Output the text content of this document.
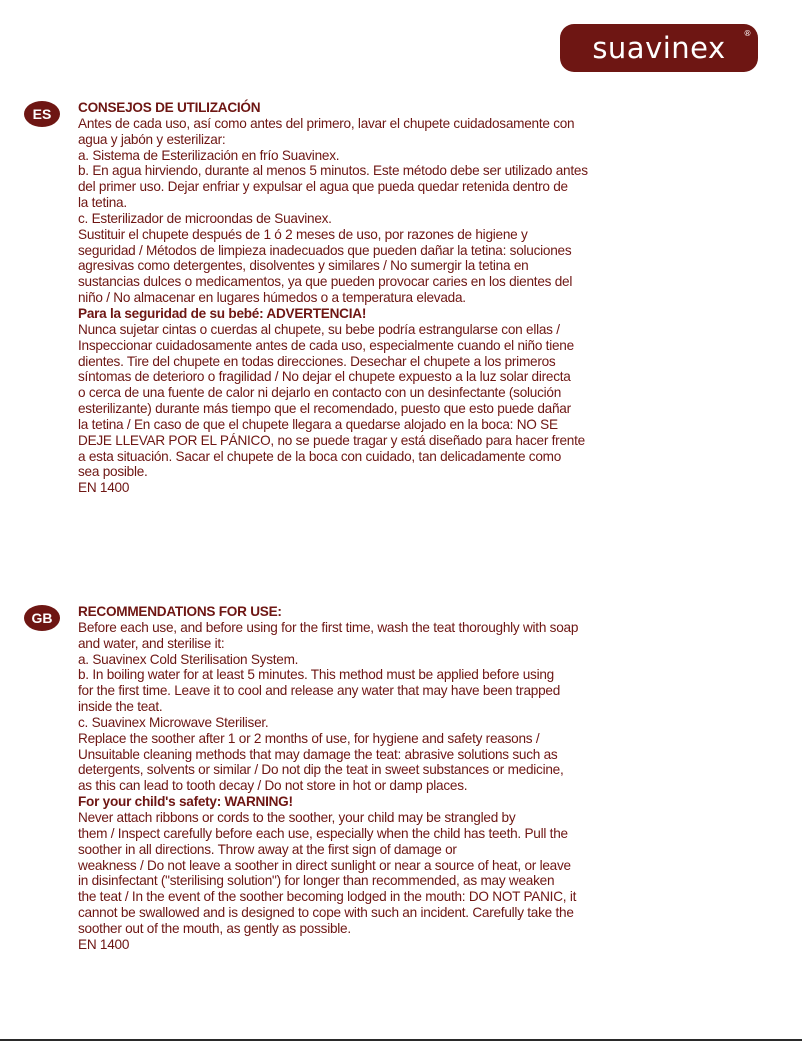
suavinex ®
ES	CONSEJOS DE UTILIZACIÓN
Antes de cada uso, así como antes del primero, lavar el chupete cuidadosamente con
agua y jabón y esterilizar:
a. Sistema de Esterilización en frío Suavinex.
b. En agua hirviendo, durante al menos 5 minutos. Este método debe ser utilizado antes
del primer uso. Dejar enfriar y expulsar el agua que pueda quedar retenida dentro de
la tetina.
c. Esterilizador de microondas de Suavinex.
Sustituir el chupete después de 1 ó 2 meses de uso, por razones de higiene y
seguridad / Métodos de limpieza inadecuados que pueden dañar la tetina: soluciones
agresivas como detergentes, disolventes y similares / No sumergir la tetina en
sustancias dulces o medicamentos, ya que pueden provocar caries en los dientes del
niño / No almacenar en lugares húmedos o a temperatura elevada.
Para la seguridad de su bebé: ADVERTENCIA!
Nunca sujetar cintas o cuerdas al chupete, su bebe podría estrangularse con ellas /
Inspeccionar cuidadosamente antes de cada uso, especialmente cuando el niño tiene
dientes. Tire del chupete en todas direcciones. Desechar el chupete a los primeros
síntomas de deterioro o fragilidad / No dejar el chupete expuesto a la luz solar directa
o cerca de una fuente de calor ni dejarlo en contacto con un desinfectante (solución
esterilizante) durante más tiempo que el recomendado, puesto que esto puede dañar
la tetina / En caso de que el chupete llegara a quedarse alojado en la boca: NO SE
DEJE LLEVAR POR EL PÁNICO, no se puede tragar y está diseñado para hacer frente
a esta situación. Sacar el chupete de la boca con cuidado, tan delicadamente como
sea posible.
EN 1400
GB	RECOMMENDATIONS FOR USE:
Before each use, and before using for the first time, wash the teat thoroughly with soap
and water, and sterilise it:
a. Suavinex Cold Sterilisation System.
b. In boiling water for at least 5 minutes. This method must be applied before using
for the first time. Leave it to cool and release any water that may have been trapped
inside the teat.
c. Suavinex Microwave Steriliser.
Replace the soother after 1 or 2 months of use, for hygiene and safety reasons /
Unsuitable cleaning methods that may damage the teat: abrasive solutions such as
detergents, solvents or similar / Do not dip the teat in sweet substances or medicine,
as this can lead to tooth decay / Do not store in hot or damp places.
For your child's safety: WARNING!
Never attach ribbons or cords to the soother, your child may be strangled by
them / Inspect carefully before each use, especially when the child has teeth. Pull the
soother in all directions. Throw away at the first sign of damage or
weakness / Do not leave a soother in direct sunlight or near a source of heat, or leave
in disinfectant ("sterilising solution") for longer than recommended, as may weaken
the teat / In the event of the soother becoming lodged in the mouth: DO NOT PANIC, it
cannot be swallowed and is designed to cope with such an incident. Carefully take the
soother out of the mouth, as gently as possible.
EN 1400
